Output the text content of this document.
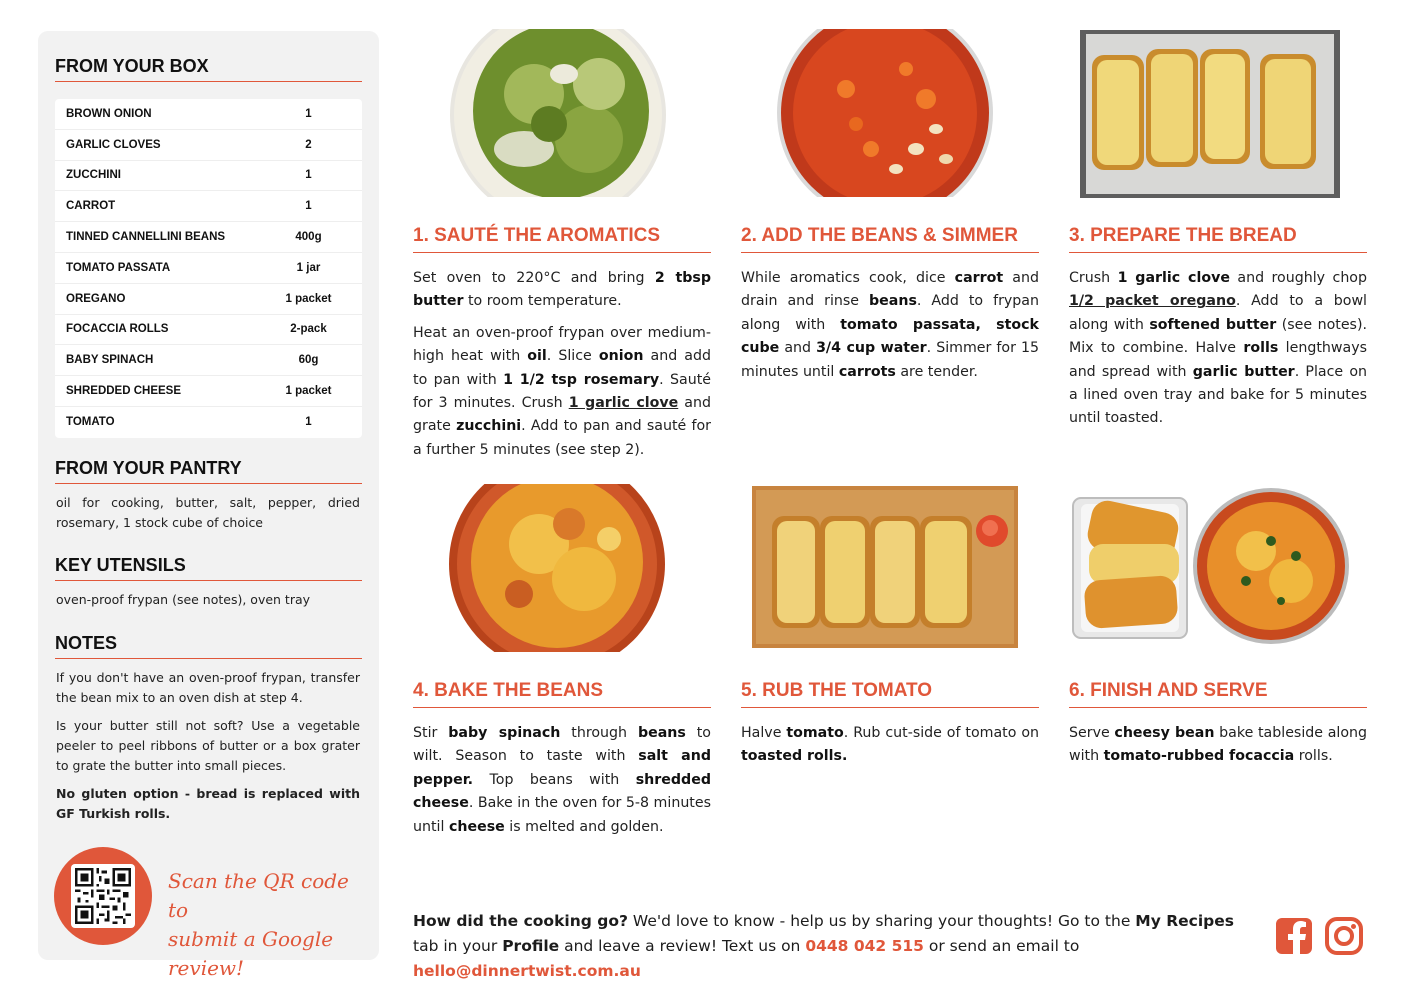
FROM YOUR BOX
BROWN ONION	1
GARLIC CLOVES	2
ZUCCHINI	1
CARROT	1
TINNED CANNELLINI BEANS	400g
TOMATO PASSATA	1 jar
OREGANO	1 packet
FOCACCIA ROLLS	2-pack
BABY SPINACH	60g
SHREDDED CHEESE	1 packet
TOMATO	1
FROM YOUR PANTRY
oil for cooking, butter, salt, pepper, dried rosemary, 1 stock cube of choice
KEY UTENSILS
oven-proof frypan (see notes), oven tray
NOTES
If you don't have an oven-proof frypan, transfer the bean mix to an oven dish at step 4.
Is your butter still not soft? Use a vegetable peeler to peel ribbons of butter or a box grater to grate the butter into small pieces.
No gluten option - bread is replaced with GF Turkish rolls.
Scan the QR code to
submit a Google review!
1. SAUTÉ THE AROMATICS	2. ADD THE BEANS & SIMMER	3. PREPARE THE BREAD
4. BAKE THE BEANS	5. RUB THE TOMATO	6. FINISH AND SERVE

Set oven to 220°C and bring 2 tbsp butter to room temperature.

Heat an oven-proof frypan over medium-high heat with oil. Slice onion and add to pan with 1 1/2 tsp rosemary. Sauté for 3 minutes. Crush 1 garlic clove and grate zucchini. Add to pan and sauté for a further 5 minutes (see step 2).

While aromatics cook, dice carrot and drain and rinse beans. Add to frypan along with tomato passata, stock cube and 3/4 cup water. Simmer for 15 minutes until carrots are tender.

Crush 1 garlic clove and roughly chop 1/2 packet oregano. Add to a bowl along with softened butter (see notes). Mix to combine. Halve rolls lengthways and spread with garlic butter. Place on a lined oven tray and bake for 5 minutes until toasted.

Stir baby spinach through beans to wilt. Season to taste with salt and pepper. Top beans with shredded cheese. Bake in the oven for 5-8 minutes until cheese is melted and golden.

Halve tomato. Rub cut-side of tomato on toasted rolls.

Serve cheesy bean bake tableside along with tomato-rubbed focaccia rolls.

How did the cooking go? We'd love to know - help us by sharing your thoughts! Go to the My Recipes tab in your Profile and leave a review! Text us on 0448 042 515 or send an email to hello@dinnertwist.com.au
